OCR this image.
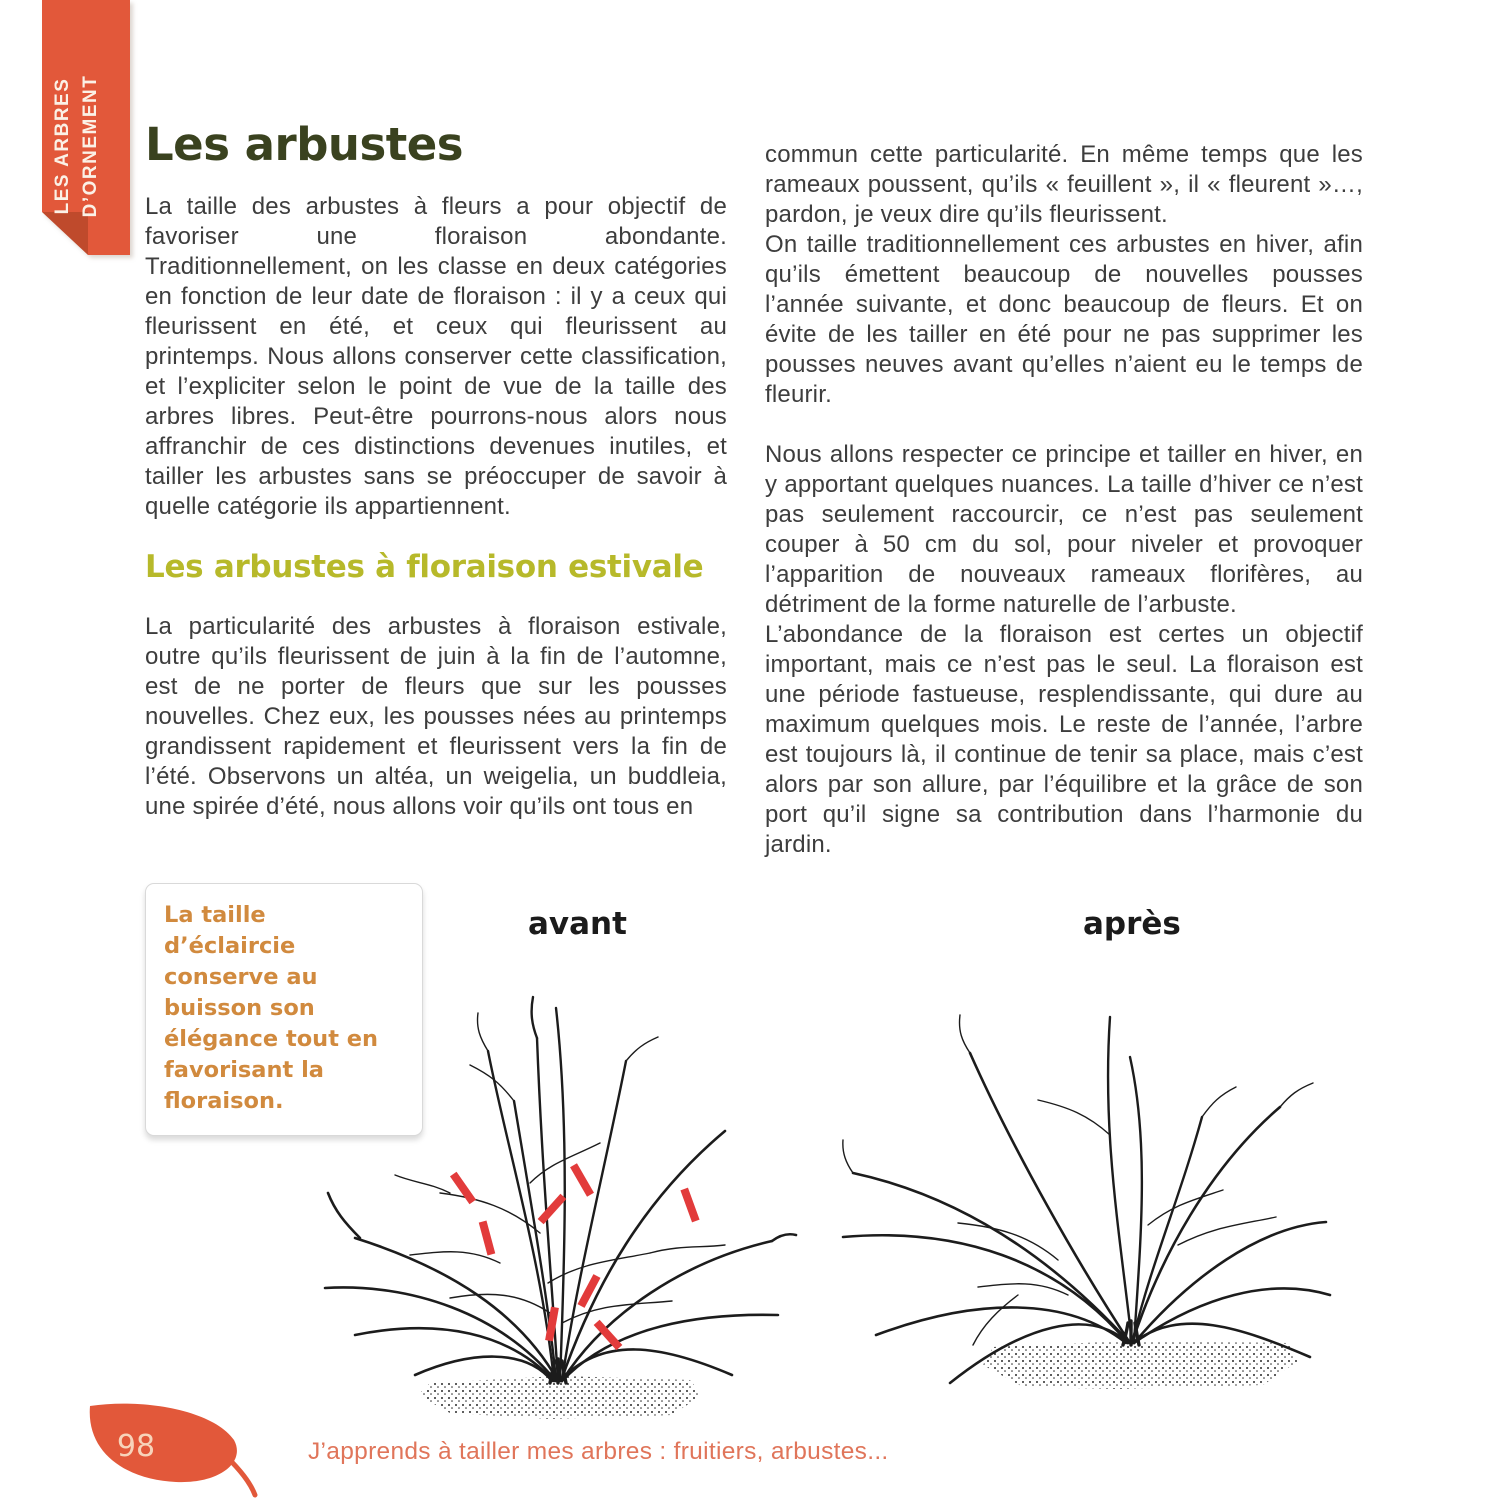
LES ARBRES D’ORNEMENT Les arbustes

La taille des arbustes à fleurs a pour objectif de favoriser une floraison abondante. Traditionnellement, on les classe en deux catégories en fonction de leur date de floraison : il y a ceux qui fleurissent en été, et ceux qui fleurissent au printemps. Nous allons conserver cette classification, et l’expliciter selon le point de vue de la taille des arbres libres. Peut-être pourrons-nous alors nous affranchir de ces distinctions devenues inutiles, et tailler les arbustes sans se préoccuper de savoir à quelle catégorie ils appartiennent.

Les arbustes à floraison estivale

La particularité des arbustes à floraison estivale, outre qu’ils fleurissent de juin à la fin de l’automne, est de ne porter de fleurs que sur les pousses nouvelles. Chez eux, les pousses nées au printemps grandissent rapidement et fleurissent vers la fin de l’été. Observons un altéa, un weigelia, un buddleia, une spirée d’été, nous allons voir qu’ils ont tous en

commun cette particularité. En même temps que les rameaux poussent, qu’ils « feuillent », il « fleurent »…, pardon, je veux dire qu’ils fleurissent.

On taille traditionnellement ces arbustes en hiver, afin qu’ils émettent beaucoup de nouvelles pousses l’année suivante, et donc beaucoup de fleurs. Et on évite de les tailler en été pour ne pas supprimer les pousses neuves avant qu’elles n’aient eu le temps de fleurir.

Nous allons respecter ce principe et tailler en hiver, en y apportant quelques nuances. La taille d’hiver ce n’est pas seulement raccourcir, ce n’est pas seulement couper à 50 cm du sol, pour niveler et provoquer l’apparition de nouveaux rameaux florifères, au détriment de la forme naturelle de l’arbuste.

L’abondance de la floraison est certes un objectif important, mais ce n’est pas le seul. La floraison est une période fastueuse, resplendissante, qui dure au maximum quelques mois. Le reste de l’année, l’arbre est toujours là, il continue de tenir sa place, mais c’est alors par son allure, par l’équilibre et la grâce de son port qu’il signe sa contribution dans l’harmonie du jardin.

La taille d’éclaircie conserve au buisson son élégance tout en favorisant la floraison.

avant	après

98	J’apprends à tailler mes arbres : fruitiers, arbustes...
